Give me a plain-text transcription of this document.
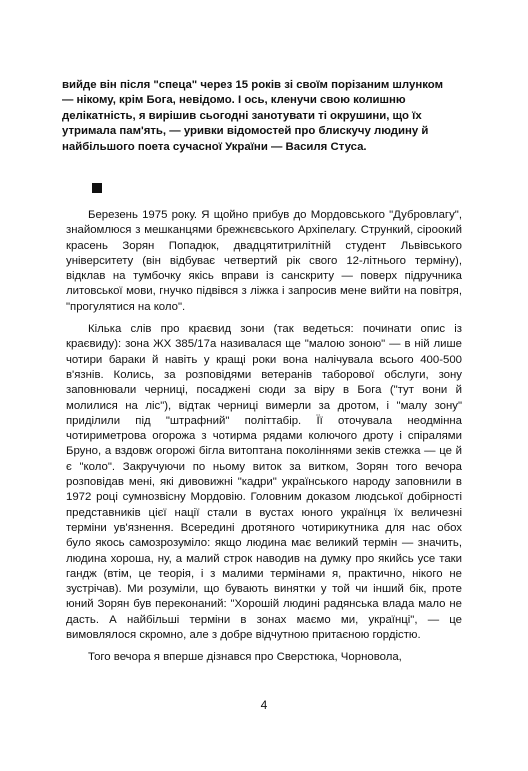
вийде він після "спеца" через 15 років зі своїм порізаним шлунком
— нікому, крім Бога, невідомо. І ось, кленучи свою колишню
делікатність, я вирішив сьогодні занотувати ті окрушини, що їх
утримала пам'ять, — уривки відомостей про блискучу людину й
найбільшого поета сучасної України — Василя Стуса.

Березень 1975 року. Я щойно прибув до Мордовського "Дубровлагу", знайомлюся з мешканцями брежнєвського Архіпелагу. Стрункий, сіроокий красень Зорян Попадюк, двадцятитрилітній студент Львівського університету (він відбуває четвертий рік свого 12-літнього терміну), відклав на тумбочку якісь вправи із санскриту — поверх підручника литовської мови, гнучко підвівся з ліжка і запросив мене вийти на повітря, "прогулятися на коло".

Кілька слів про краєвид зони (так ведеться: починати опис із краєвиду): зона ЖХ 385/17а називалася ще "малою зоною" — в ній лише чотири бараки й навіть у кращі роки вона налічувала всього 400-500 в'язнів. Колись, за розповідями ветеранів таборової обслуги, зону заповнювали черниці, посаджені сюди за віру в Бога ("тут вони й молилися на ліс"), відтак черниці вимерли за дротом, і "малу зону" приділили під "штрафний" політтабір. Її оточувала неодмінна чотириметрова огорожа з чотирма рядами колючого дроту і спіралями Бруно, а вздовж огорожі бігла витоптана поколіннями зеків стежка — це й є "коло". Закручуючи по ньому виток за витком, Зорян того вечора розповідав мені, які дивовижні "кадри" українського народу заповнили в 1972 році сумнозвісну Мордовію. Головним доказом людської добірності представників цієї нації стали в вустах юного українця їх величезні терміни ув'язнення. Всередині дротяного чотирикутника для нас обох було якось самозрозуміло: якщо людина має великий термін — значить, людина хороша, ну, а малий строк наводив на думку про якийсь усе таки гандж (втім, це теорія, і з малими термінами я, практично, нікого не зустрічав). Ми розуміли, що бувають винятки у той чи інший бік, проте юний Зорян був переконаний: "Хорошій людині радянська влада мало не дасть. А найбільші терміни в зонах маємо ми, українці", — це вимовлялося скромно, але з добре відчутною притаєною гордістю.

Того вечора я вперше дізнався про Сверстюка, Чорновола,

4
